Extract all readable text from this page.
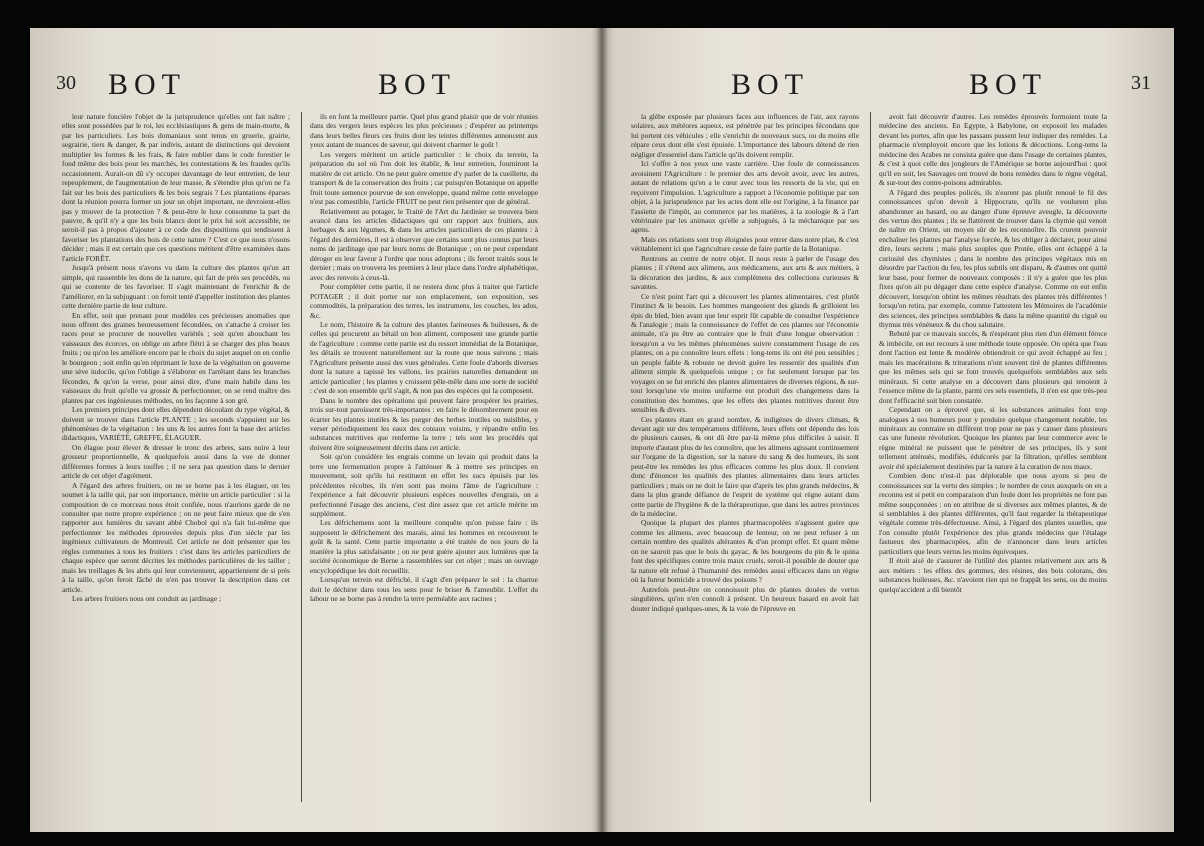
30 BOT	BOT

leur nature foncière l'objet de la jurisprudence qu'elles ont fait naître ; elles sont possédées par le roi, les ecclésiastiques & gens de main-morte, & par les particuliers. Les bois domaniaux sont tenus en gruerie, grairie, segrairie, tiers & danger, & par indivis, autant de distinctions qui devoient multiplier les formes & les frais, & faire oublier dans le code forestier le fond même des bois pour les marchés, les contestations & les fraudes qu'ils occasionnent. Aurait-on dû s'y occuper davantage de leur entretien, de leur repeuplement, de l'augmentation de leur masse, & s'étendre plus qu'on ne l'a fait sur les bois des particuliers & les bois segrais ? Les plantations éparses dont la réunion pourra former un jour un objet important, ne devroient-elles pas y trouver de la protection ? & peut-être le luxe consomme la part du pauvre, & qu'il n'y a que les bois blancs dont le prix lui soit accessible, ne seroit-il pas à propos d'ajouter à ce code des dispositions qui tendissent à favoriser les plantations des bois de cette nature ? C'est ce que nous n'osons décider ; mais il est certain que ces questions méritent d'être examinées dans l'article FORÊT.

Jusqu'à présent nous n'avons vu dans la culture des plantes qu'un art simple, qui rassemble les dons de la nature, qui fait de près ses procédés, ou qui se contente de les favoriser. Il s'agit maintenant de l'enrichir & de l'améliorer, en la subjuguant : on feroit tenté d'appeller institution des plantes cette dernière partie de leur culture.

En effet, soit que prenant pour modèles ces précieuses anomalies que nous offrent des graines heureusement fécondées, on s'attache à croiser les races pour se procurer de nouvelles variétés ; soit qu'en abouchant les vaisseaux des écorces, on oblige un arbre flétri à se charger des plus beaux fruits ; ou qu'on les améliore encore par le choix du sujet auquel on en confie le bourgeon ; soit enfin qu'en réprimant le luxe de la végétation on gouverne une sève indocile, qu'on l'oblige à s'élaborer en l'arrêtant dans les branches fécondes, & qu'on la verse, pour ainsi dire, d'une main habile dans les vaisseaux du fruit qu'elle va grossir & perfectionner, on se rend maître des plantes par ces ingénieuses méthodes, on les façonne à son gré.

Les premiers principes dont elles dépendent découlant du type végétal, & doivent se trouver dans l'article PLANTE ; les seconds s'appuient sur les phénomènes de la végétation : les uns & les autres font la base des articles didactiques, VARIÉTÉ, GREFFE, ÉLAGUER.

On élague pour élever & dresser le tronc des arbres, sans nuire à leur grosseur proportionnelle, & quelquefois aussi dans la vue de donner différentes formes à leurs touffes ; il ne sera pas question dans le dernier article de cet objet d'agrément.

A l'égard des arbres fruitiers, on ne se borne pas à les élaguer, on les soumet à la taille qui, par son importance, mérite un article particulier : si la composition de ce morceau nous étoit confiée, nous n'aurions garde de ne consulter que notre propre expérience ; on ne peut faire mieux que de s'en rapporter aux lumières du savant abbé Chobol qui n'a fait lui-même que perfectionner les méthodes éprouvées depuis plus d'un siècle par les ingénieux cultivateurs de Montreuil. Cet article ne doit présenter que les règles communes à tous les fruitiers : c'est dans les articles particuliers de chaque espèce que seront décrites les méthodes particulières de les tailler ; mais les treillages & les abris qui leur conviennent, appartiennent de si près à la taille, qu'on feroit fâché de n'en pas trouver la description dans cet article.

Les arbres fruitiers nous ont conduit au jardinage ;

ils en font la meilleure partie. Quel plus grand plaisir que de voir réunies dans des vergers leurs espèces les plus précieuses ; d'espérer au printemps dans leurs belles fleurs ces fruits dont les teintes différentes annoncent aux yeux autant de nuances de saveur, qui doivent charmer le goût !

Les vergers méritent un article particulier : le choix du terrein, la préparation du sol où l'on doit les établir, & leur entretien, fourniront la matière de cet article. On ne peut guère omettre d'y parler de la cueillette, du transport & de la conservation des fruits ; car puisqu'en Botanique on appelle fruit toute semence pourvue de son enveloppe, quand même cette enveloppe n'est pas comestible, l'article FRUIT ne peut rien présenter que de général.

Relativement au potager, le Traité de l'Art du Jardinier se trouvera bien avancé dans les articles didactiques qui ont rapport aux fruitiers, aux herbages & aux légumes, & dans les articles particuliers de ces plantes : à l'égard des dernières, il est à observer que certains sont plus connus par leurs noms de jardinage que par leurs noms de Botanique ; on ne peut cependant déroger en leur faveur à l'ordre que nous adoptons ; ils feront traités sous le dernier ; mais on trouvera les premiers à leur place dans l'ordre alphabétique, avec des renvois à ceux-là.

Pour compléter cette partie, il ne restera donc plus à traiter que l'article POTAGER ; il doit porter sur son emplacement, son exposition, ses commodités, la préparation des terres, les instrumens, les couches, les ados, &c.

Le nom, l'histoire & la culture des plantes farineuses & huileuses, & de celles qui procurent au bétail un bon aliment, composent une grande partie de l'agriculture : comme cette partie est du ressort immédiat de la Botanique, les détails se trouvent naturellement sur la route que nous suivons ; mais l'Agriculture présente aussi des vues générales. Cette foule d'abords diverses dont la nature a tapissé les vallons, les prairies naturelles demandent un article particulier ; les plantes y croissent pêle-mêle dans une sorte de société : c'est de son ensemble qu'il s'agit, & non pas des espèces qui la composent.

Dans le nombre des opérations qui peuvent faire prospérer les prairies, trois sur-tout paroissent très-importantes : en faire le dénombrement pour en écarter les plantes inutiles & les purger des herbes inutiles ou nuisibles, y verser périodiquement les eaux des coteaux voisins, y répandre enfin les substances nutritives que renferme la terre ; tels sont les procédés qui doivent être soigneusement décrits dans cet article.

Soit qu'on considère les engrais comme un levain qui produit dans la terre une fermentation propre à l'atténuer & à mettre ses principes en mouvement, soit qu'ils lui restituent en effet les sucs épuisés par les précédentes récoltes, ils n'en sont pas moins l'âme de l'agriculture : l'expérience a fait découvrir plusieurs espèces nouvelles d'engrais, on a perfectionné l'usage des anciens, c'est dire assez que cet article mérite un supplément.

Les défrichemens sont la meilleure conquête qu'on puisse faire : ils supposent le défrichement des marais, ainsi les hommes en recouvrent le goût & la santé. Cette partie importante a été traitée de nos jours de la manière la plus satisfaisante ; on ne peut guère ajouter aux lumières que la société économique de Berne a rassemblées sur cet objet ; mais un ouvrage encyclopédique les doit recueillir.

Lorsqu'un terrein est défriché, il s'agit d'en préparer le sol : la charrue doit le déchirer dans tous les sens pour le briser & l'ameublir. L'effet du labour ne se borne pas à rendre la terre perméable aux racines ;

BOT	BOT	31

la glèbe exposée par plusieurs faces aux influences de l'air, aux rayons solaires, aux météores aqueux, est pénétrée par les principes fécondans que lui portent ces véhicules ; elle s'enrichit de nouveaux sucs, ou du moins elle répare ceux dont elle s'est épuisée. L'importance des labours détend de rien négliger d'essentiel dans l'article qu'ils doivent remplir.

Ici s'offre à nos yeux une vaste carrière. Une foule de connoissances avoisinent l'Agriculture : le premier des arts devoit avoir, avec les autres, autant de relations qu'en a le cœur avec tous les ressorts de la vie, qui en reçoivent l'impulsion. L'agriculture a rapport à l'économie politique par son objet, à la jurisprudence par les actes dont elle est l'origine, à la finance par l'assiette de l'impôt, au commerce par les matières, à la zoologie & à l'art vétérinaire par les animaux qu'elle a subjugués, à la méchanique par ses agens.

Mais ces relations sont trop éloignées pour entrer dans notre plan, & c'est véritablement ici que l'agriculture cesse de faire partie de la Botanique.

Rentrons au centre de notre objet. Il nous reste à parler de l'usage des plantes ; il s'étend aux alimens, aux médicamens, aux arts & aux métiers, à la décoration des jardins, & aux complémens des collections curieuses & savantes.

Ce n'est point l'art qui a découvert les plantes alimentaires, c'est plutôt l'instinct & le besoin. Les hommes mangeoient des glands & grilloient les épis du bled, bien avant que leur esprit fût capable de consulter l'expérience & l'analogie ; mais la connoissance de l'effet de ces plantes sur l'économie animale, n'a pu être au contraire que le fruit d'une longue observation : lorsqu'on a vu les mêmes phénomènes suivre constamment l'usage de ces plantes, on a pu connoître leurs effets : long-tems ils ont été peu sensibles ; un peuple faible & robuste ne devoit guère les ressentir des qualités d'un aliment simple & quelquefois unique ; ce fut seulement lorsque par les voyages on se fut enrichi des plantes alimentaires de diverses régions, & sur-tout lorsqu'une vie moins uniforme eut produit des changemens dans la constitution des hommes, que les effets des plantes nutritives durent être sensibles & divers.

Ces plantes étant en grand nombre, & indigènes de divers climats, & devant agir sur des tempéramens différens, leurs effets ont dépendu des lois de plusieurs causes, & ont dû être par-là même plus difficiles à saisir. Il importe d'autant plus de les connoître, que les alimens agissant continuement sur l'organe de la digestion, sur la nature du sang & des humeurs, ils sont peut-être les remèdes les plus efficaces comme les plus doux. Il convient donc d'énoncer les qualités des plantes alimentaires dans leurs articles particuliers ; mais on ne doit le faire que d'après les plus grands médecins, & dans la plus grande défiance de l'esprit de système qui règne autant dans cette partie de l'hygiène & de la thérapeutique, que dans les autres provinces de la médecine.

Quoique la plupart des plantes pharmacopolées n'agissent guère que comme les alimens, avec beaucoup de lenteur, on ne peut refuser à un certain nombre des qualités altérantes & d'un prompt effet. Et quant même on ne sauroit pas que le bois du gayac, & les bourgeons du pin & le quina font des spécifiques contre trois maux cruels, seroit-il possible de douter que la nature eût refusé à l'humanité des remèdes aussi efficaces dans un règne où la fureur homicide a trouvé des poisons ?

Autrefois peut-être on connoissoit plus de plantes douées de vertus singulières, qu'on n'en connoît à présent. Un heureux hasard en avoit fait douter indiqué quelques-unes, & la voie de l'épreuve en

avoit fait découvrir d'autres. Les remèdes éprouvés formoient toute la médecine des anciens. En Egypte, à Babylone, on exposoit les malades devant les portes, afin que les passans pussent leur indiquer des remèdes. La pharmacie n'employoit encore que les lotions & décoctions. Long-tems la médecine des Arabes ne consista guère que dans l'usage de certaines plantes, & c'est à quoi celle des jongleurs de l'Amérique se borne aujourd'hui : quoi qu'il en soit, les Sauvages ont trouvé de bons remèdes dans le règne végétal, & sur-tout des contre-poisons admirables.

A l'égard des peuples policés, ils n'eurent pas plutôt renoué le fil des connoissances qu'on devoit à Hippocrate, qu'ils ne voulurent plus abandonner au hasard, ou au danger d'une épreuve aveugle, la découverte des vertus des plantes ; ils se flattèrent de trouver dans la chymie qui venoit de naître en Orient, un moyen sûr de les reconnoître. Ils crurent pouvoir enchaîner les plantes par l'analyse forcée, & les obliger à déclarer, pour ainsi dire, leurs secrets ; mais plus souples que Protée, elles ont échappé à la curiosité des chymistes ; dans le nombre des principes végétaux mis en désordre par l'action du feu, les plus subtils ont disparu, & d'autres ont quitté leur base, pour former de nouveaux composés : il n'y a guère que les plus fixes qu'on ait pu dégager dans cette espèce d'analyse. Comme on eut enfin découvert, lorsqu'on obtint les mêmes résultats des plantes très différentes ! lorsqu'on retira, par exemple, comme l'attestent les Mémoires de l'académie des sciences, des principes semblables & dans la même quantité du ciguë ou thymus très vénéneux & du chou salutaire.

Rebuté par ce mauvais succès, & n'espérant plus rien d'un élément féroce & imbécile, on eut recours à une méthode toute opposée. On opéra que l'eau dont l'action est lente & modérée obtiendroit ce qui avoit échappé au feu ; mais les macérations & triturations n'ont souvent tiré de plantes différentes que les mêmes sels qui se font trouvés quelquefois semblables aux sels minéraux. Si cette analyse en a découvert dans plusieurs qui tenoient à l'essence même de la plante, parmi ces sels essentiels, il n'en est que très-peu dont l'efficacité soit bien constatée.

Cependant on a éprouvé que, si les substances animales font trop analogues à nos humeurs pour y produire quelque changement notable, les minéraux au contraire en diffèrent trop pour ne pas y causer dans plusieurs cas une funeste révolution. Quoique les plantes par leur commerce avec le règne minéral ne puissent que le pénétrer de ses principes, ils y sont tellement atténués, modifiés, édulcorés par la filtration, qu'elles semblent avoir été spécialement destinées par la nature à la curation de nos maux.

Combien donc n'est-il pas déplorable que nous ayons si peu de connoissances sur la vertu des simples ; le nombre de ceux auxquels on en a reconnu est si petit en comparaison d'un foule dont les propriétés ne font pas même soupçonnées : on en attribue de si diverses aux mêmes plantes, & de si semblables à des plantes différentes, qu'il faut regarder la thérapeutique végétale comme très-défectueuse. Ainsi, à l'égard des plantes usuelles, que l'on consulte plutôt l'expérience des plus grands médecins que l'étalage fastueux des pharmacopées, afin de n'annoncer dans leurs articles particuliers que leurs vertus les moins équivoques.

Il étoit aisé de s'assurer de l'utilité des plantes relativement aux arts & aux métiers : les effets des gommes, des résines, des bois colorans, des substances huileuses, &c. n'avoient rien qui ne frappât les sens, ou du moins quelqu'accident a dû bientôt
